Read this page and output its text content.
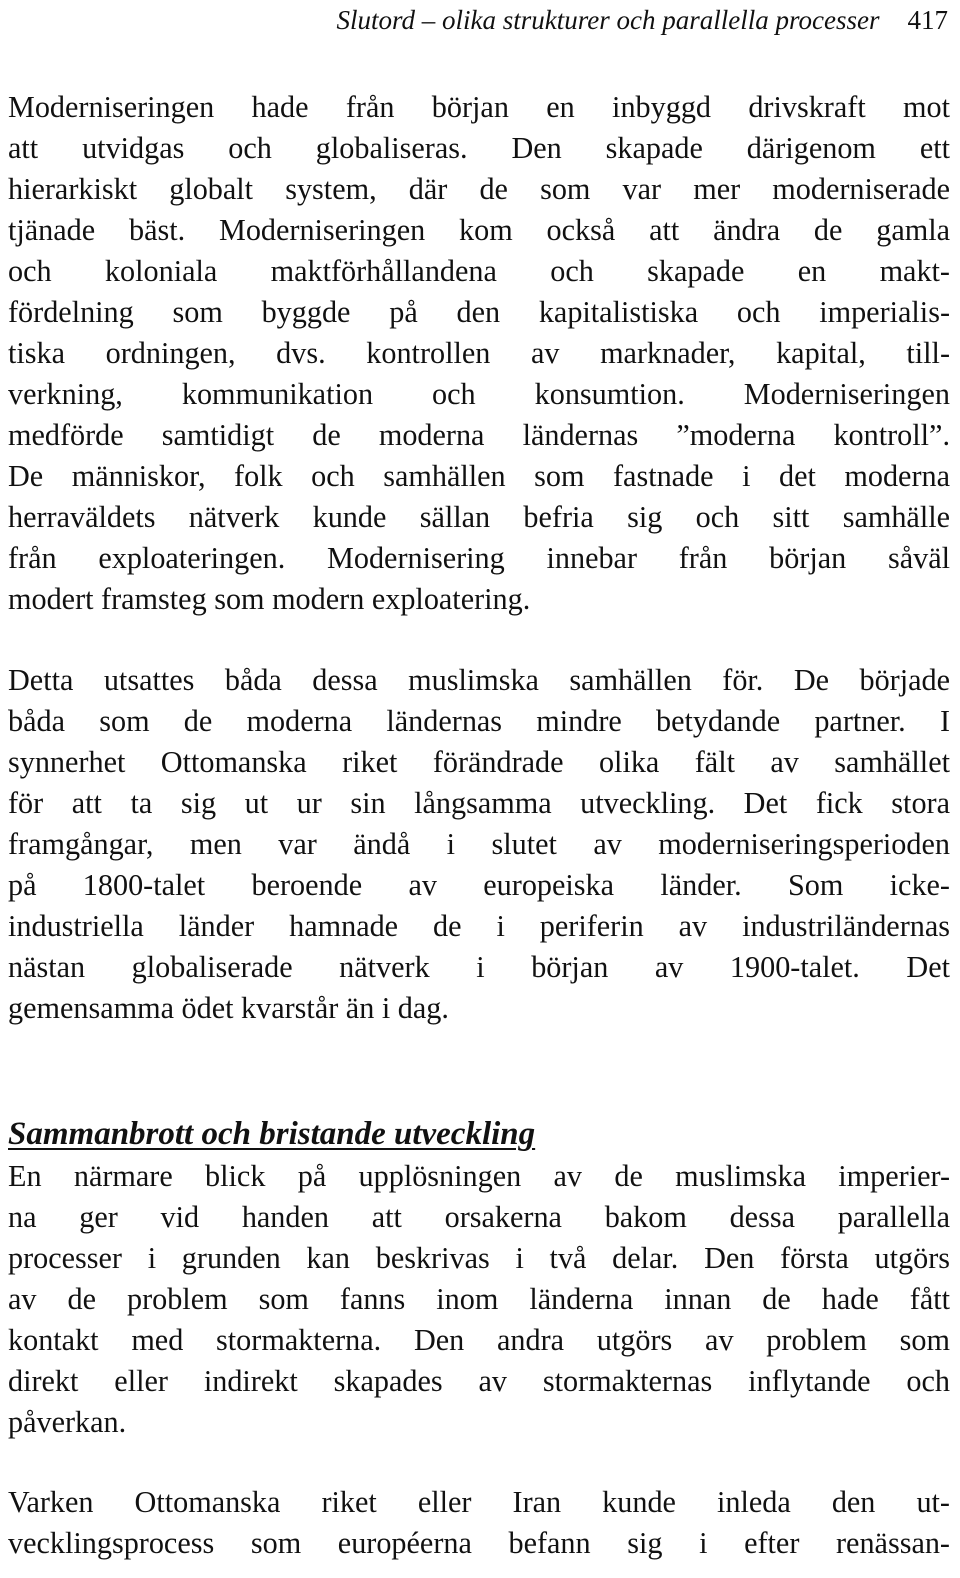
Slutord – olika strukturer och parallella processer 417

Moderniseringen hade från början en inbyggd drivskraft mot
att utvidgas och globaliseras. Den skapade därigenom ett
hierarkiskt globalt system, där de som var mer moderniserade
tjänade bäst. Moderniseringen kom också att ändra de gamla
och koloniala maktförhållandena och skapade en makt-
fördelning som byggde på den kapitalistiska och imperialis-
tiska ordningen, dvs. kontrollen av marknader, kapital, till-
verkning, kommunikation och konsumtion. Moderniseringen
medförde samtidigt de moderna ländernas ”moderna kontroll”.
De människor, folk och samhällen som fastnade i det moderna
herraväldets nätverk kunde sällan befria sig och sitt samhälle
från exploateringen. Modernisering innebar från början såväl
modert framsteg som modern exploatering.

Detta utsattes båda dessa muslimska samhällen för. De började
båda som de moderna ländernas mindre betydande partner. I
synnerhet Ottomanska riket förändrade olika fält av samhället
för att ta sig ut ur sin långsamma utveckling. Det fick stora
framgångar, men var ändå i slutet av moderniseringsperioden
på 1800-talet beroende av europeiska länder. Som icke-
industriella länder hamnade de i periferin av industriländernas
nästan globaliserade nätverk i början av 1900-talet. Det
gemensamma ödet kvarstår än i dag.

Sammanbrott och bristande utveckling

En närmare blick på upplösningen av de muslimska imperier-
na ger vid handen att orsakerna bakom dessa parallella
processer i grunden kan beskrivas i två delar. Den första utgörs
av de problem som fanns inom länderna innan de hade fått
kontakt med stormakterna. Den andra utgörs av problem som
direkt eller indirekt skapades av stormakternas inflytande och
påverkan.

Varken Ottomanska riket eller Iran kunde inleda den ut-
vecklingsprocess som européerna befann sig i efter renässan-
